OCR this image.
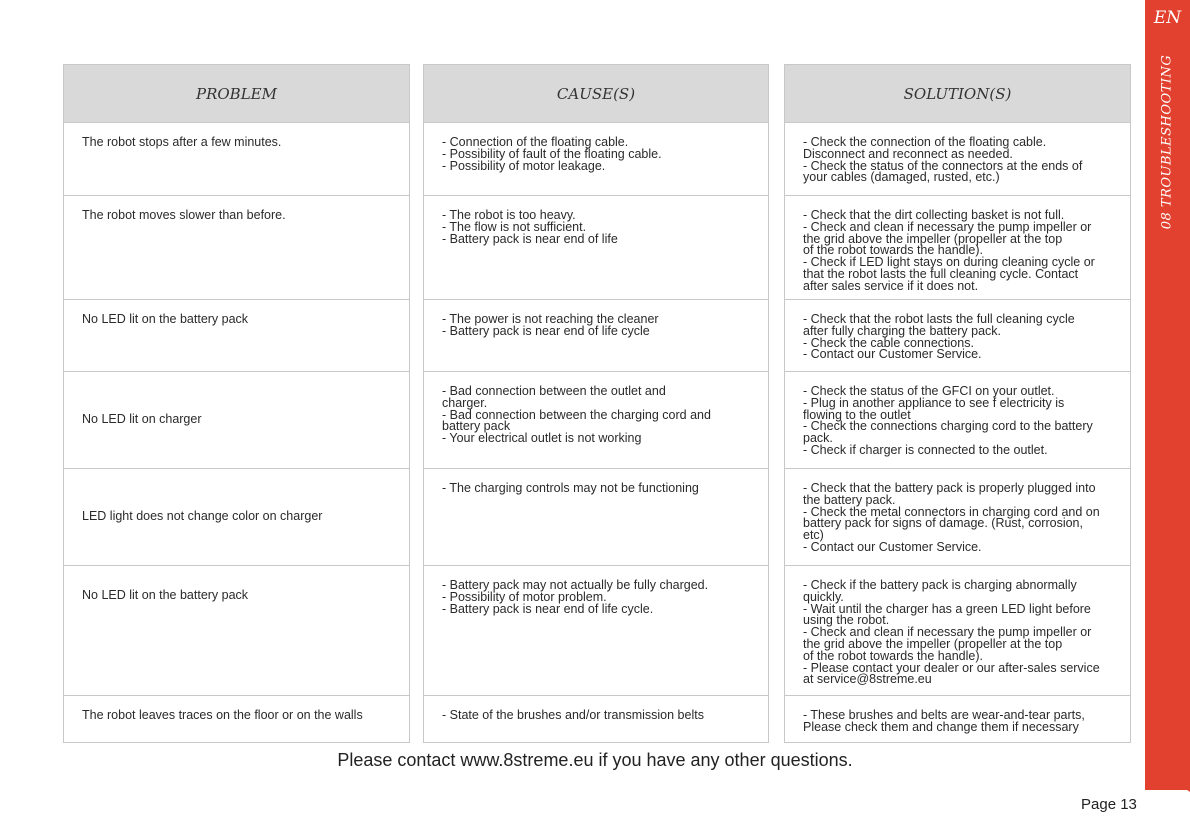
EN
08 TROUBLESHOOTING
PROBLEM
The robot stops after a few minutes.
The robot moves slower than before.
No LED lit on the battery pack
No LED lit on charger
LED light does not change color on charger
No LED lit on the battery pack
The robot leaves traces on the floor or on the walls
CAUSE(S)
- Connection of the floating cable.
- Possibility of fault of the floating cable.
- Possibility of motor leakage.
- The robot is too heavy.
- The flow is not sufficient.
- Battery pack is near end of life
- The power is not reaching the cleaner
- Battery pack is near end of life cycle
- Bad connection between the outlet and
charger.
- Bad connection between the charging cord and
battery pack
- Your electrical outlet is not working
- The charging controls may not be functioning
- Battery pack may not actually be fully charged.
- Possibility of motor problem.
- Battery pack is near end of life cycle.
- State of the brushes and/or transmission belts
SOLUTION(S)
- Check the connection of the floating cable.
Disconnect and reconnect as needed.
- Check the status of the connectors at the ends of
your cables (damaged, rusted, etc.)
- Check that the dirt collecting basket is not full.
- Check and clean if necessary the pump impeller or
the grid above the impeller (propeller at the top
of the robot towards the handle).
- Check if LED light stays on during cleaning cycle or
that the robot lasts the full cleaning cycle. Contact
after sales service if it does not.
- Check that the robot lasts the full cleaning cycle
after fully charging the battery pack.
- Check the cable connections.
- Contact our Customer Service.
- Check the status of the GFCI on your outlet.
- Plug in another appliance to see f electricity is
flowing to the outlet
- Check the connections charging cord to the battery
pack.
- Check if charger is connected to the outlet.
- Check that the battery pack is properly plugged into
the battery pack.
- Check the metal connectors in charging cord and on
battery pack for signs of damage. (Rust, corrosion,
etc)
- Contact our Customer Service.
- Check if the battery pack is charging abnormally
quickly.
- Wait until the charger has a green LED light before
using the robot.
- Check and clean if necessary the pump impeller or
the grid above the impeller (propeller at the top
of the robot towards the handle).
- Please contact your dealer or our after-sales service
at service@8streme.eu
- These brushes and belts are wear-and-tear parts,
Please check them and change them if necessary
Please contact www.8streme.eu if you have any other questions.
Page 13
